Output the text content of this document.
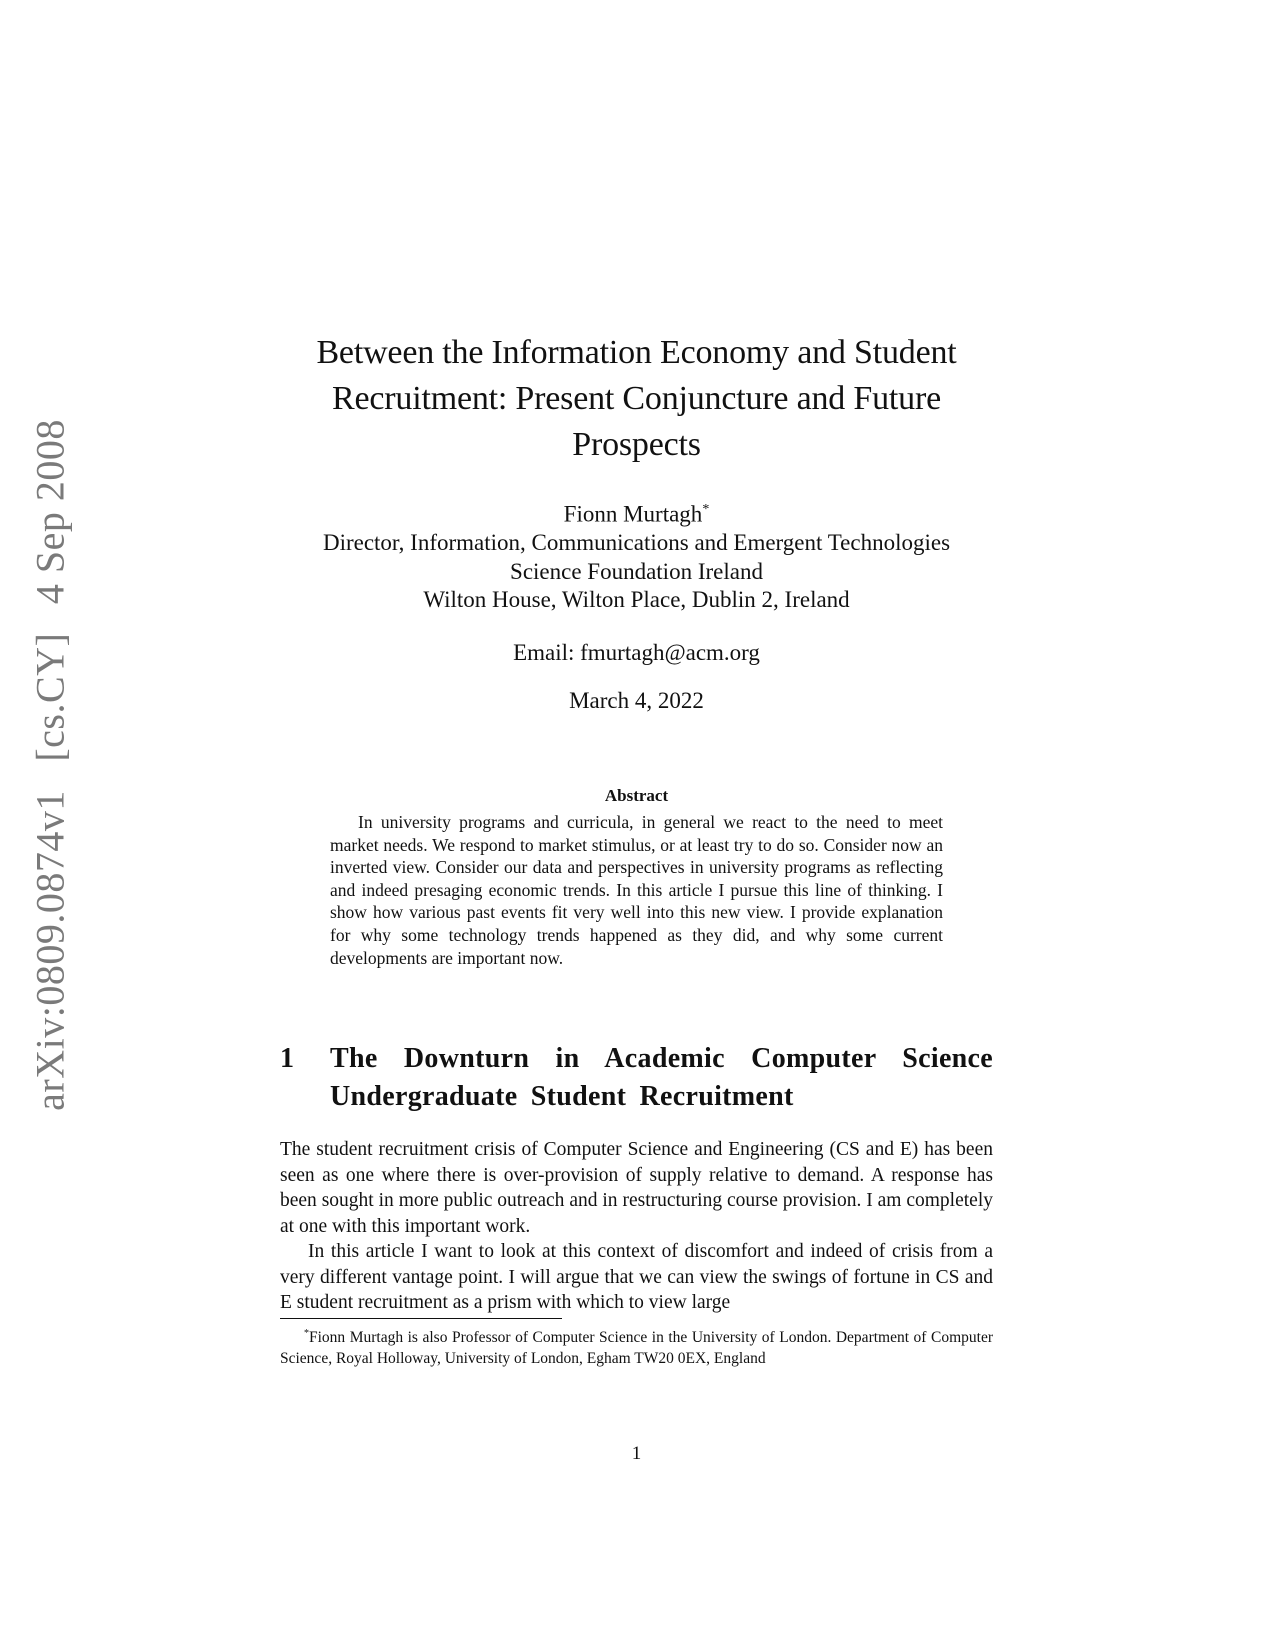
arXiv:0809.0874v1 [cs.CY] 4 Sep 2008
Between the Information Economy and Student
Recruitment: Present Conjuncture and Future
Prospects
Fionn Murtagh*
Director, Information, Communications and Emergent Technologies
Science Foundation Ireland
Wilton House, Wilton Place, Dublin 2, Ireland
Email: fmurtagh@acm.org
March 4, 2022
Abstract
In university programs and curricula, in general we react to the need to meet market needs. We respond to market stimulus, or at least try to do so. Consider now an inverted view. Consider our data and perspectives in university programs as reflecting and indeed presaging economic trends. In this article I pursue this line of thinking. I show how various past events fit very well into this new view. I provide explanation for why some technology trends happened as they did, and why some current developments are important now.
1 The Downturn in Academic Computer Science Undergraduate Student Recruitment

The student recruitment crisis of Computer Science and Engineering (CS and E) has been seen as one where there is over-provision of supply relative to demand. A response has been sought in more public outreach and in restructuring course provision. I am completely at one with this important work.

In this article I want to look at this context of discomfort and indeed of crisis from a very different vantage point. I will argue that we can view the swings of fortune in CS and E student recruitment as a prism with which to view large

*Fionn Murtagh is also Professor of Computer Science in the University of London. Department of Computer Science, Royal Holloway, University of London, Egham TW20 0EX, England
1
